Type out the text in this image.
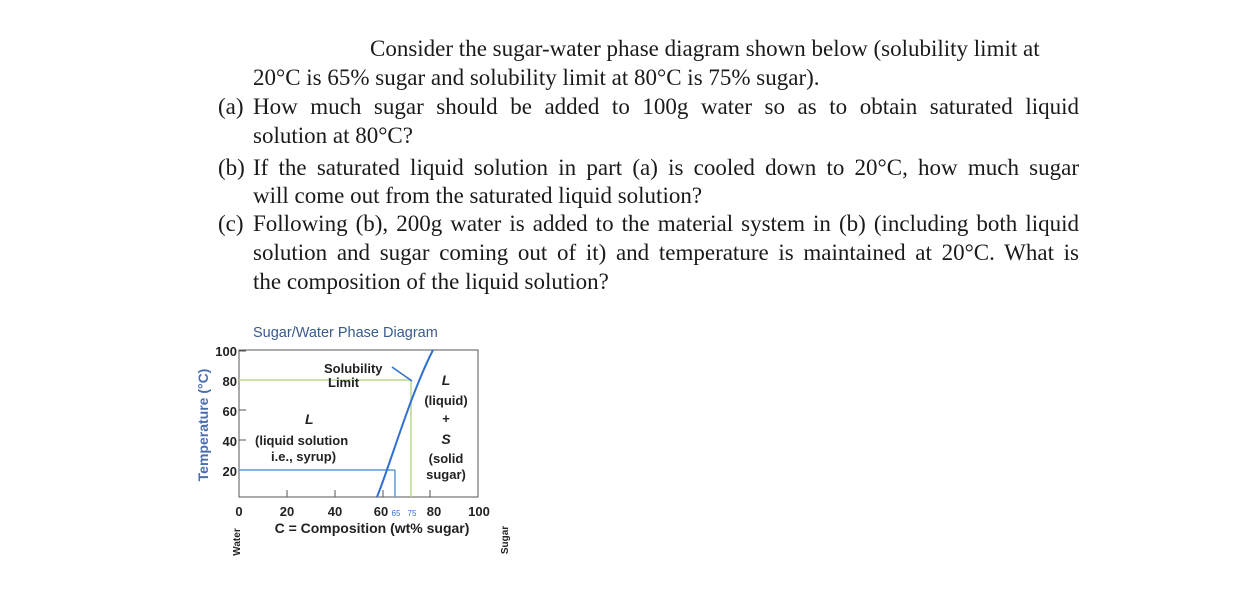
Consider the sugar-water phase diagram shown below (solubility limit at
20°C is 65% sugar and solubility limit at 80°C is 75% sugar).
(a) How much sugar should be added to 100g water so as to obtain saturated liquid
solution at 80°C?
(b) If the saturated liquid solution in part (a) is cooled down to 20°C, how much sugar
will come out from the saturated liquid solution?
(c) Following (b), 200g water is added to the material system in (b) (including both liquid
solution and sugar coming out of it) and temperature is maintained at 20°C. What is
the composition of the liquid solution?
Sugar/Water Phase Diagram
Temperature (°C)
100
80
60
40
20
0	20	40 60	80 100
65 75
C = Composition (wt% sugar)
Water	Sugar
Solubility
Limit
L
(liquid solution
i.e., syrup)
L
(liquid)
+
S
(solid
sugar)
